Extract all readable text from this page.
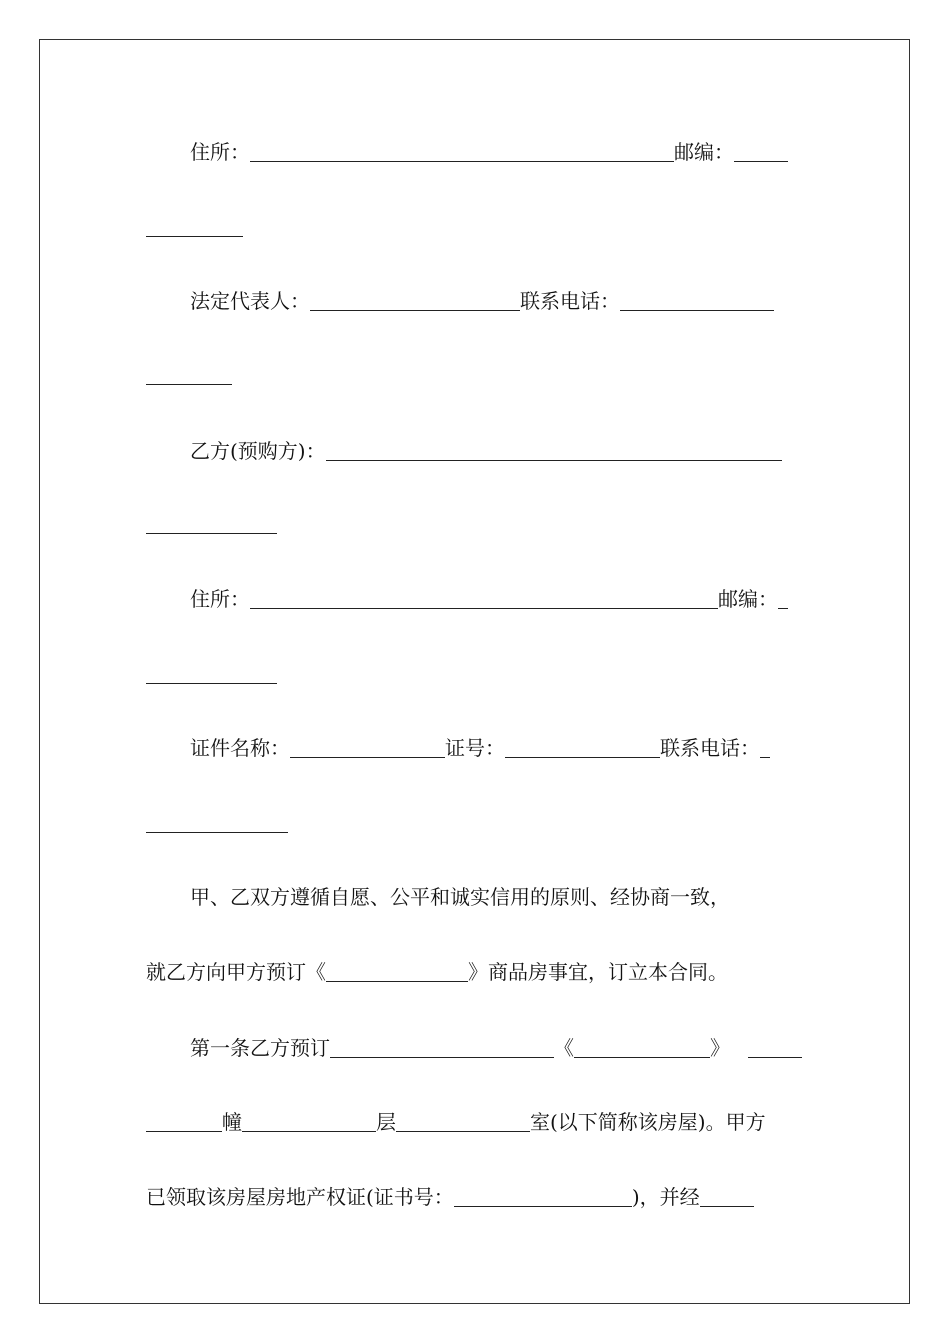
住所：	邮编：
法定代表人：	联系电话：
乙方(预购方)：
住所：	邮编：
证件名称：	证号：	联系电话：
甲、乙双方遵循自愿、公平和诚实信用的原则、经协商一致，
就乙方向甲方预订《	》商品房事宜，订立本合同。
第一条乙方预订	《	》
幢	层	室(以下简称该房屋)。甲方
已领取该房屋房地产权证(证书号：	)，并经
